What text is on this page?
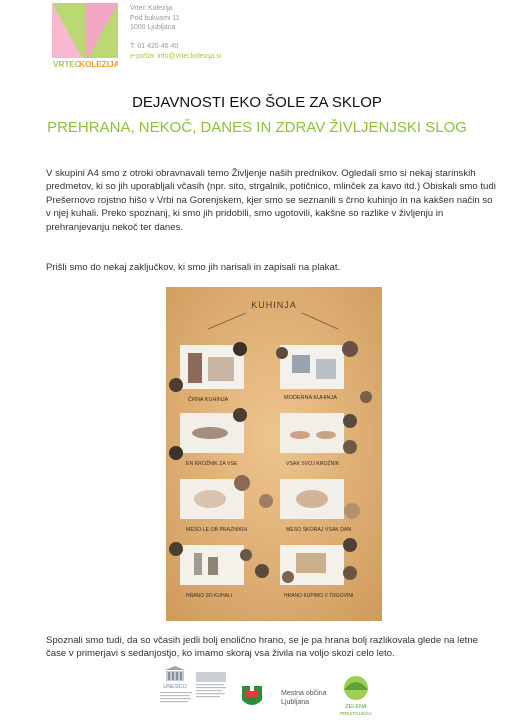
VRTEC
KOLEZIJA
Vrtec Kolezija
Pod bukvami 11
1000 Ljubljana
T: 01 420 46 40
e-pošta: info@vrteckolezija.si
DEJAVNOSTI EKO ŠOLE ZA SKLOP
PREHRANA, NEKOČ, DANES IN ZDRAV ŽIVLJENJSKI SLOG
V skupini A4 smo z otroki obravnavali temo Življenje naših prednikov. Ogledali smo si nekaj starinskih predmetov, ki so jih uporabljali včasih (npr. sito, strgalnik, potičnico, mlinček za kavo itd.) Obiskali smo tudi Prešernovo rojstno hišo v Vrbi na Gorenjskem, kjer smo se seznanili s črno kuhinjo in na kakšen način so v njej kuhali. Preko spoznanj, ki smo jih pridobili, smo ugotovili, kakšne so razlike v življenju in prehranjevanju nekoč ter danes.
Prišli smo do nekaj zaključkov, ki smo jih narisali in zapisali na plakat.
KUHINJA
ČRNA KUHINJA	MODERNA KUHINJA
EN KROŽNIK ZA VSE	VSAK SVOJ KROŽNIK
MESO LE OB PRAZNIKIH	MESO SKORAJ VSAK DAN
HRANO SO KUHALI	HRANO KUPIMO V TRGOVINI
Spoznali smo tudi, da so včasih jedli bolj enolično hrano, se je pa hrana bolj razlikovala glede na letne čase v primerjavi s sedanjostjo, ko imamo skoraj vsa živila na voljo skozi celo leto.
UNESCO
Mestna občina
Ljubljana
ZELENA
PRESTOLNICA
